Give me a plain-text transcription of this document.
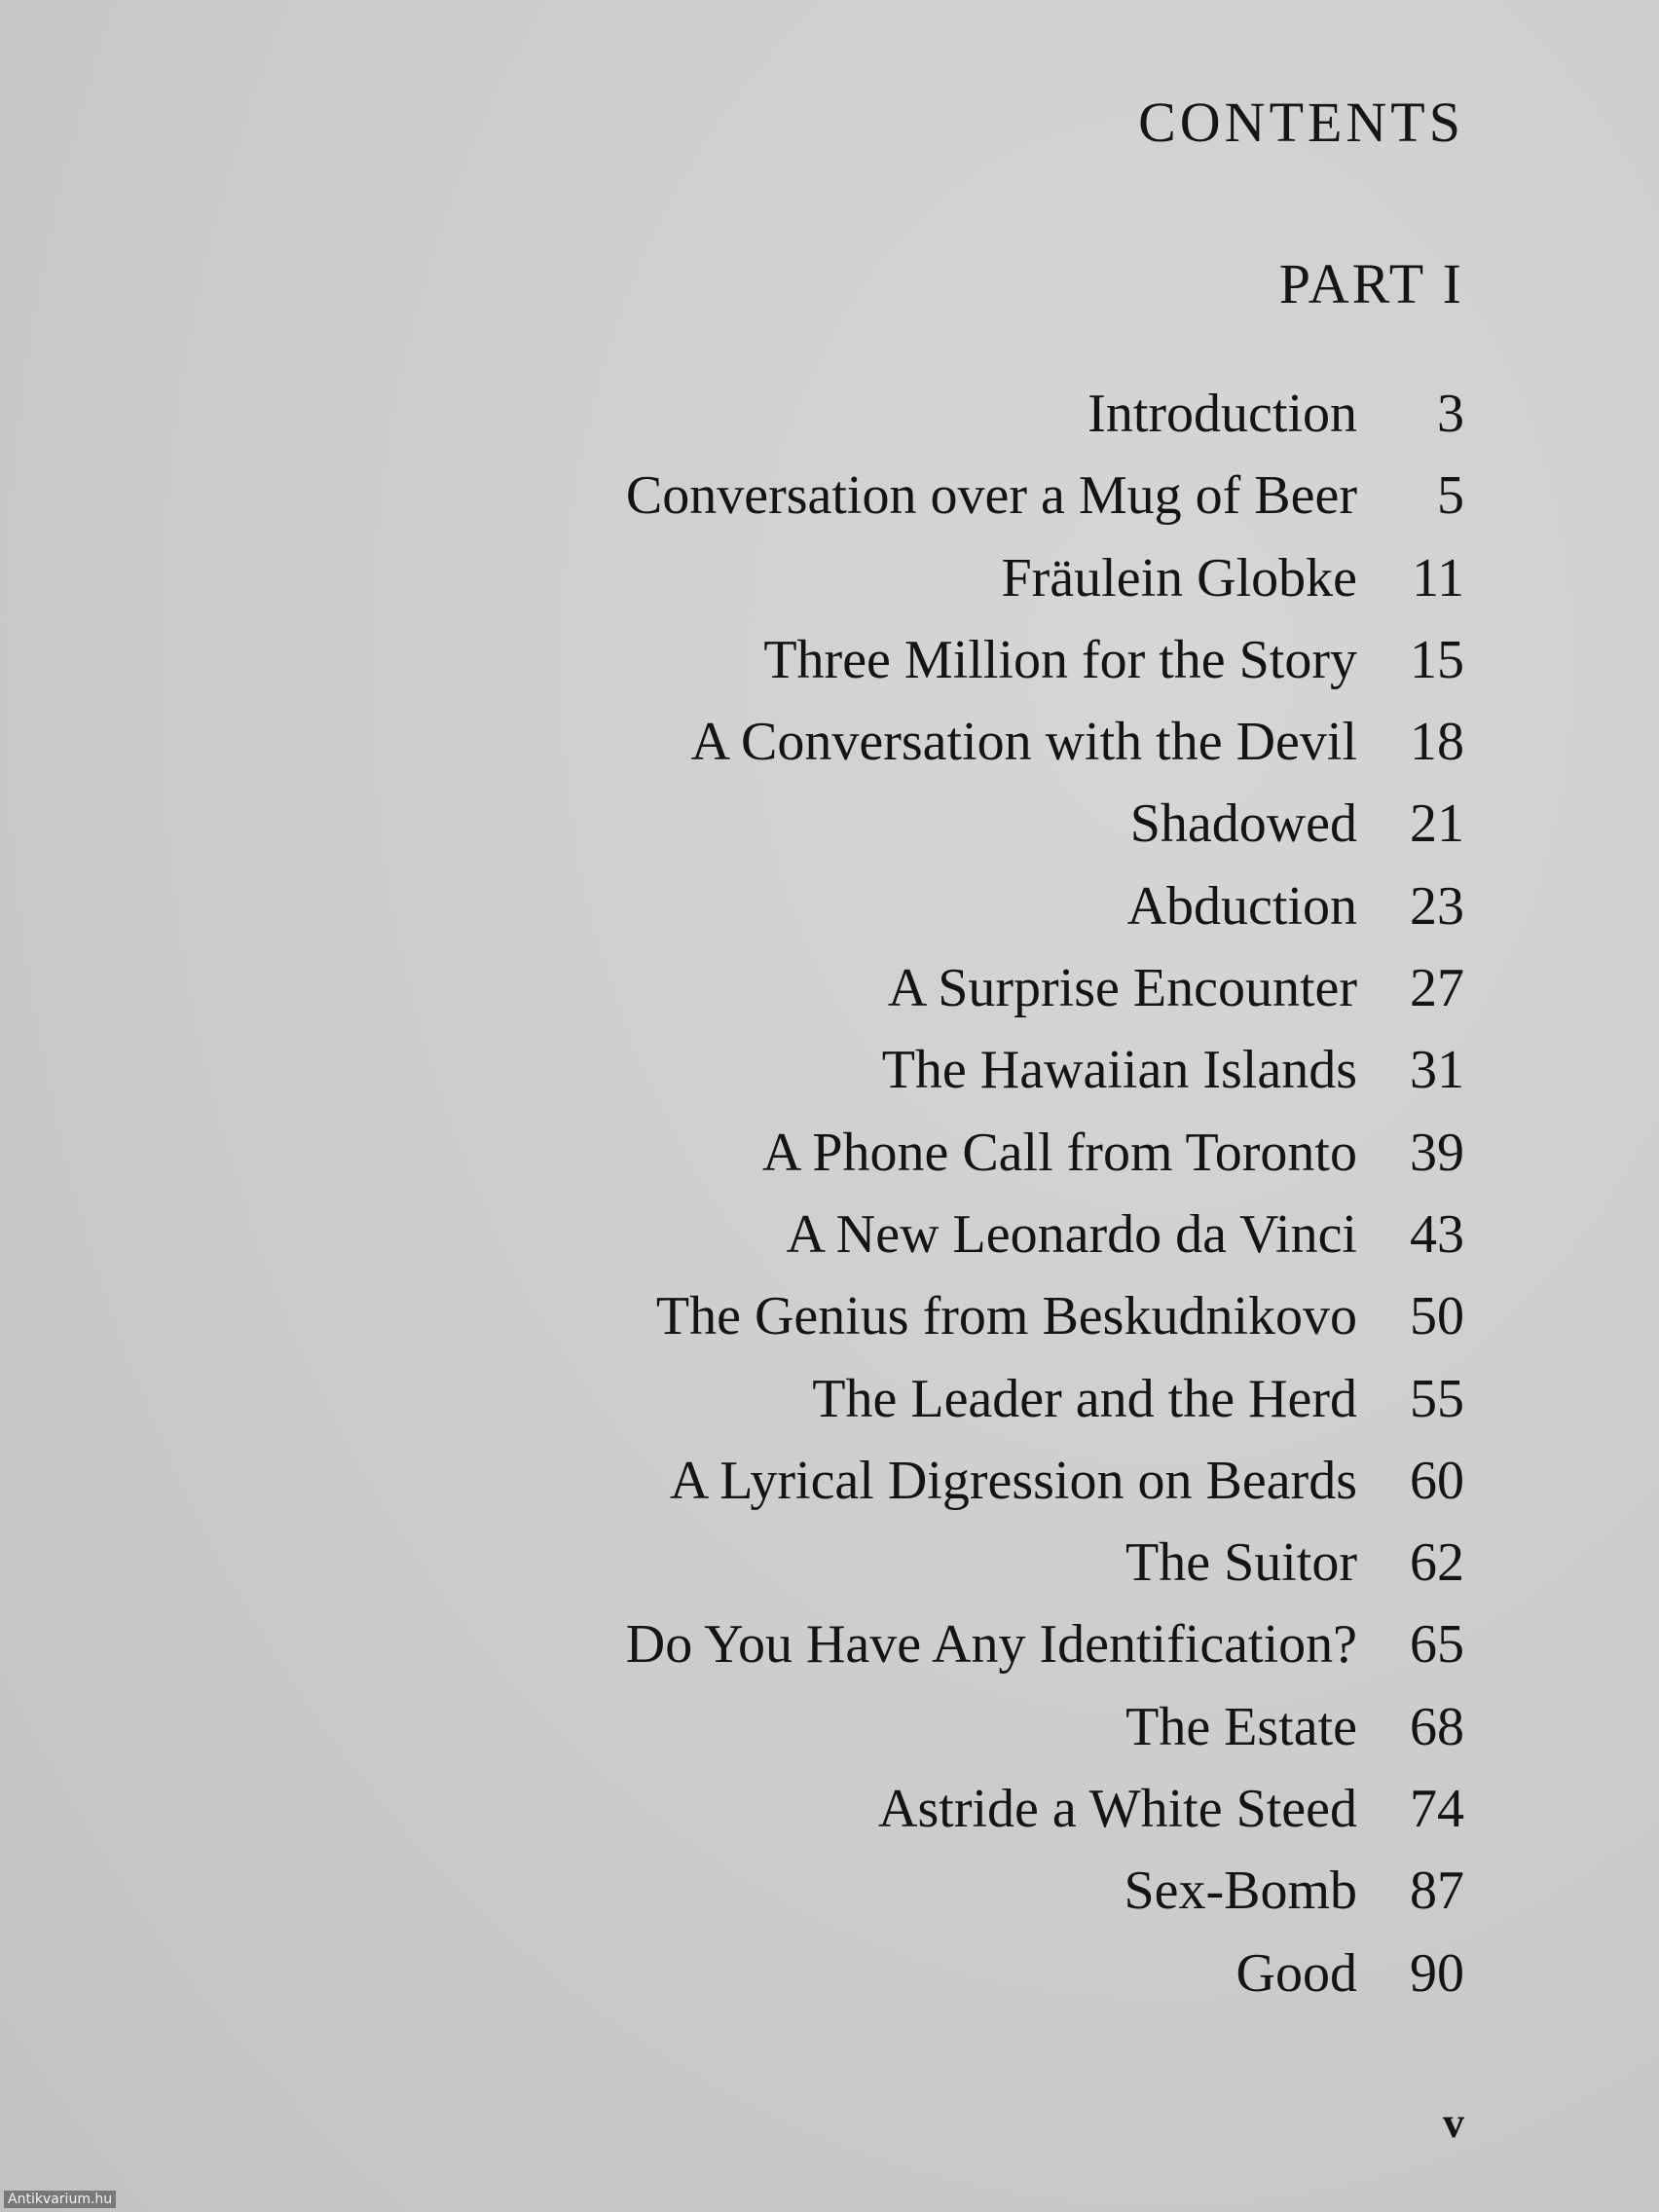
CONTENTS
PART I
Introduction	3
Conversation over a Mug of Beer	5
Fräulein Globke	11
Three Million for the Story 15
A Conversation with the Devil 18
Shadowed 21
Abduction 23
A Surprise Encounter 27
The Hawaiian Islands 31
A Phone Call from Toronto 39
A New Leonardo da Vinci 43
The Genius from Beskudnikovo 50
The Leader and the Herd 55
A Lyrical Digression on Beards 60
The Suitor 62
Do You Have Any Identification? 65
The Estate 68
Astride a White Steed 74
Sex-Bomb 87
Good 90
v
Antikvarium.hu
